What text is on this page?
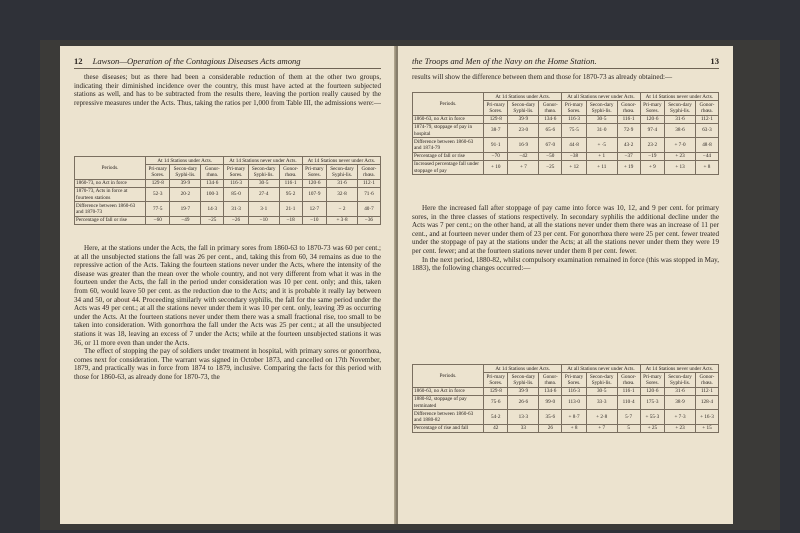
12 Lawson—Operation of the Contagious Diseases Acts among

these diseases; but as there had been a considerable reduction of them at the other two groups, indicating their diminished incidence over the country, this must have acted at the fourteen subjected stations as well, and has to be subtracted from the results there, leaving the portion really caused by the repressive measures under the Acts. Thus, taking the ratios per 1,000 from Table III, the admissions were:—

Periods.	At 14 Stations under Acts.			At 14 Stations never under Acts.			At 14 Stations never under Acts.		
	Pri-mary Sores.	Secon-dary Syphi-lis.	Gonor-rhœa.	Pri-mary Sores.	Secon-dary Syphi-lis.	Gonor-rhœa.	Pri-mary Sores.	Secon-dary Syphi-lis.	Gonor-rhœa.
1860-73, no Act in force	129·8	39·9	134·6	116·3	30·5	116·1	120·6	31·6	112·1
1870-73, Acts in force at fourteen stations	52·3	20·2	100·3	85·0	27·4	95·2	107·9	32·8	71·6
Difference between 1860-63 and 1870-73	77·5	19·7	14·3	31·3	3·1	21·1	12·7	− 2	40·7
Percentage of fall or rise	−60	−49	−25	−26	−10	−18	−10	+ 3·8	−36

Here, at the stations under the Acts, the fall in primary sores from 1860-63 to 1870-73 was 60 per cent.; at all the unsubjected stations the fall was 26 per cent., and, taking this from 60, 34 remains as due to the repressive action of the Acts. Taking the fourteen stations never under the Acts, where the intensity of the disease was greater than the mean over the whole country, and not very different from what it was in the fourteen under the Acts, the fall in the period under consideration was 10 per cent. only; and this, taken from 60, would leave 50 per cent. as the reduction due to the Acts; and it is probable it really lay between 34 and 50, or about 44. Proceeding similarly with secondary syphilis, the fall for the same period under the Acts was 49 per cent.; at all the stations never under them it was 10 per cent. only, leaving 39 as occurring under the Acts. At the fourteen stations never under them there was a small fractional rise, too small to be taken into consideration. With gonorrhœa the fall under the Acts was 25 per cent.; at all the unsubjected stations it was 18, leaving an excess of 7 under the Acts; while at the fourteen unsubjected stations it was 36, or 11 more even than under the Acts.

The effect of stopping the pay of soldiers under treatment in hospital, with primary sores or gonorrhœa, comes next for consideration. The warrant was signed in October 1873, and cancelled on 17th November, 1879, and practically was in force from 1874 to 1879, inclusive. Comparing the facts for this period with those for 1860-63, as already done for 1870-73, the

13
the Troops and Men of the Navy on the Home Station.

results will show the difference between them and those for 1870-73 as already obtained:—

Periods.	At 14 Stations under Acts.			At all Stations never under Acts.			At 14 Stations never under Acts.		
	Pri-mary Sores.	Secon-dary Syphi-lis.	Gonor-rhœa.	Pri-mary Sores.	Secon-dary Syphi-lis.	Gonor-rhœa.	Pri-mary Sores.	Secon-dary Syphi-lis.	Gonor-rhœa.
1860-63, no Act in force	129·8	39·9	134·6	116·3	30·5	116·1	120·6	31·6	112·1
1874-79, stoppage of pay in hospital	38·7	23·0	65·6	75·5	31·0	72·9	97·4	38·6	63·3
Difference between 1860-63 and 1874-79	91·1	16·9	67·0	44·8	+ ·5	43·2	23·2	+ 7·0	48·8
Percentage of fall or rise	−70	−42	−50	−38	+ 1	−37	−19	+ 23	−44
Increased percentage fall under stoppage of pay	+ 10	+ 7	−25	+ 12	+ 11	+ 19	+ 9	+ 13	+ 8

Here the increased fall after stoppage of pay came into force was 10, 12, and 9 per cent. for primary sores, in the three classes of stations respectively. In secondary syphilis the additional decline under the Acts was 7 per cent.; on the other hand, at all the stations never under them there was an increase of 11 per cent., and at fourteen never under them of 23 per cent. For gonorrhœa there were 25 per cent. fewer treated under the stoppage of pay at the stations under the Acts; at all the stations never under them they were 19 per cent. fewer; and at the fourteen stations never under them 8 per cent. fewer.

In the next period, 1880-82, whilst compulsory examination remained in force (this was stopped in May, 1883), the following changes occurred:—

Periods.	At 14 Stations under Acts.			At all Stations never under Acts.			At 14 Stations never under Acts.		
	Pri-mary Sores.	Secon-dary Syphi-lis.	Gonor-rhœa.	Pri-mary Sores.	Secon-dary Syphi-lis.	Gonor-rhœa.	Pri-mary Sores.	Secon-dary Syphi-lis.	Gonor-rhœa.
1860-63, no Act in force	129·8	39·9	134·6	116·3	30·5	116·1	120·6	31·6	112·1
1880-82, stoppage of pay terminated	75·6	26·6	99·0	113·0	33·3	110·4	175·3	38·9	128·4
Difference between 1860-63 and 1880-82	54·2	13·3	35·6	+ 8·7	+ 2·8	5·7	+ 55·3	+ 7·3	+ 16·3
Percentage of rise and fall	42	33	26	+ 8	+ 7	5	+ 25	+ 23	+ 15
